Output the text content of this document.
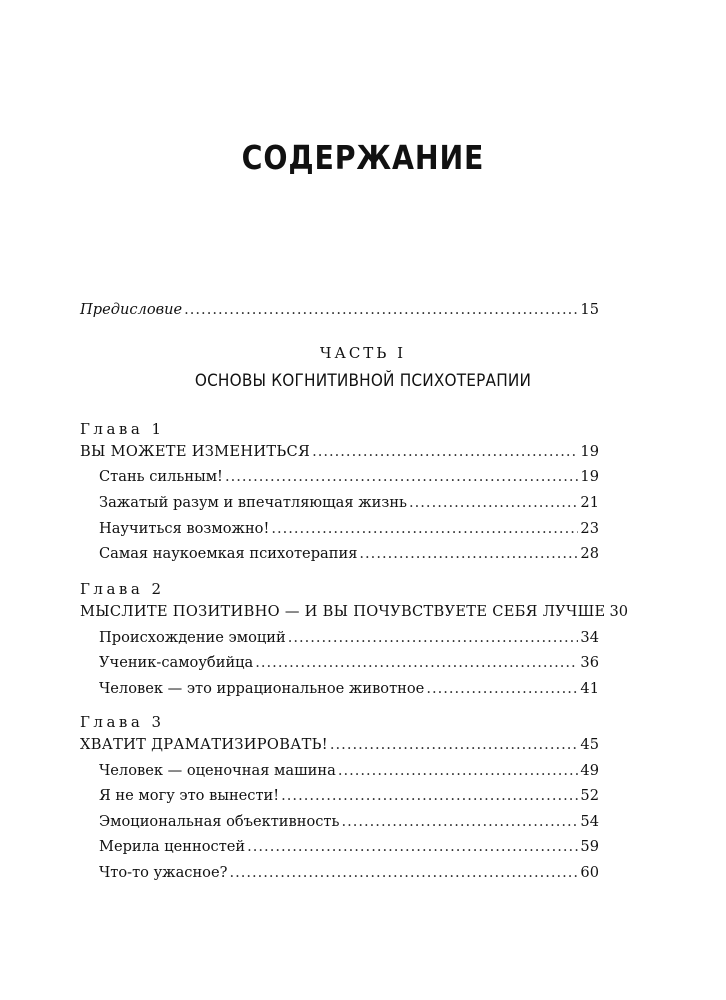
СОДЕРЖАНИЕ
Предисловие .....	15
ЧАСТЬ I
ОСНОВЫ КОГНИТИВНОЙ ПСИХОТЕРАПИИ
Глава 1
ВЫ МОЖЕТЕ ИЗМЕНИТЬСЯ .....	19
Стань сильным! .....	19
Зажатый разум и впечатляющая жизнь .....	21
Научиться возможно! .....	23
Самая наукоемкая психотерапия .....	28
Глава 2
МЫСЛИТЕ ПОЗИТИВНО — И ВЫ ПОЧУВСТВУЕТЕ СЕБЯ ЛУЧШЕ 30
Происхождение эмоций .....	34
Ученик-самоубийца .....	36
Человек — это иррациональное животное .....	41
Глава 3
ХВАТИТ ДРАМАТИЗИРОВАТЬ! .....	45
Человек — оценочная машина .....	49
Я не могу это вынести! .....	52
Эмоциональная объективность .....	54
Мерила ценностей .....	59
Что-то ужасное? .....	60
